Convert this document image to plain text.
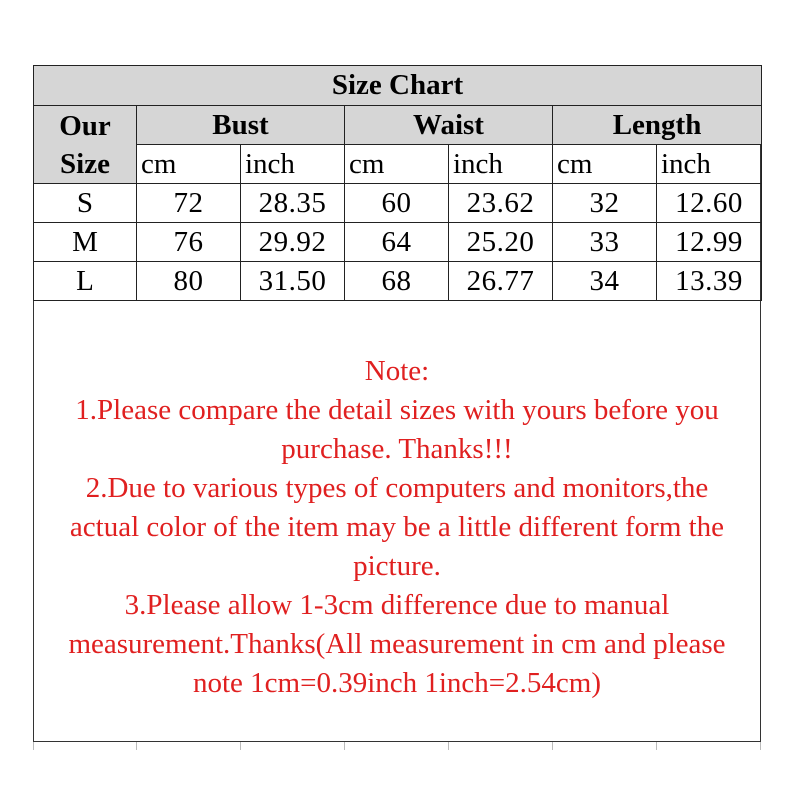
Size Chart						

Our
Size	Bust		Waist		Length	
	cm	inch	cm	inch	cm	inch
S	72	28.35	60	23.62	32	12.60
M	76	29.92	64	25.20	33	12.99
L	80	31.50	68	26.77	34	13.39

Note:

1.Please compare the detail sizes with yours before you

purchase. Thanks!!!

2.Due to various types of computers and monitors,the

actual color of the item may be a little different form the

picture.

3.Please allow 1-3cm difference due to manual

measurement.Thanks(All measurement in cm and please

note 1cm=0.39inch 1inch=2.54cm)
